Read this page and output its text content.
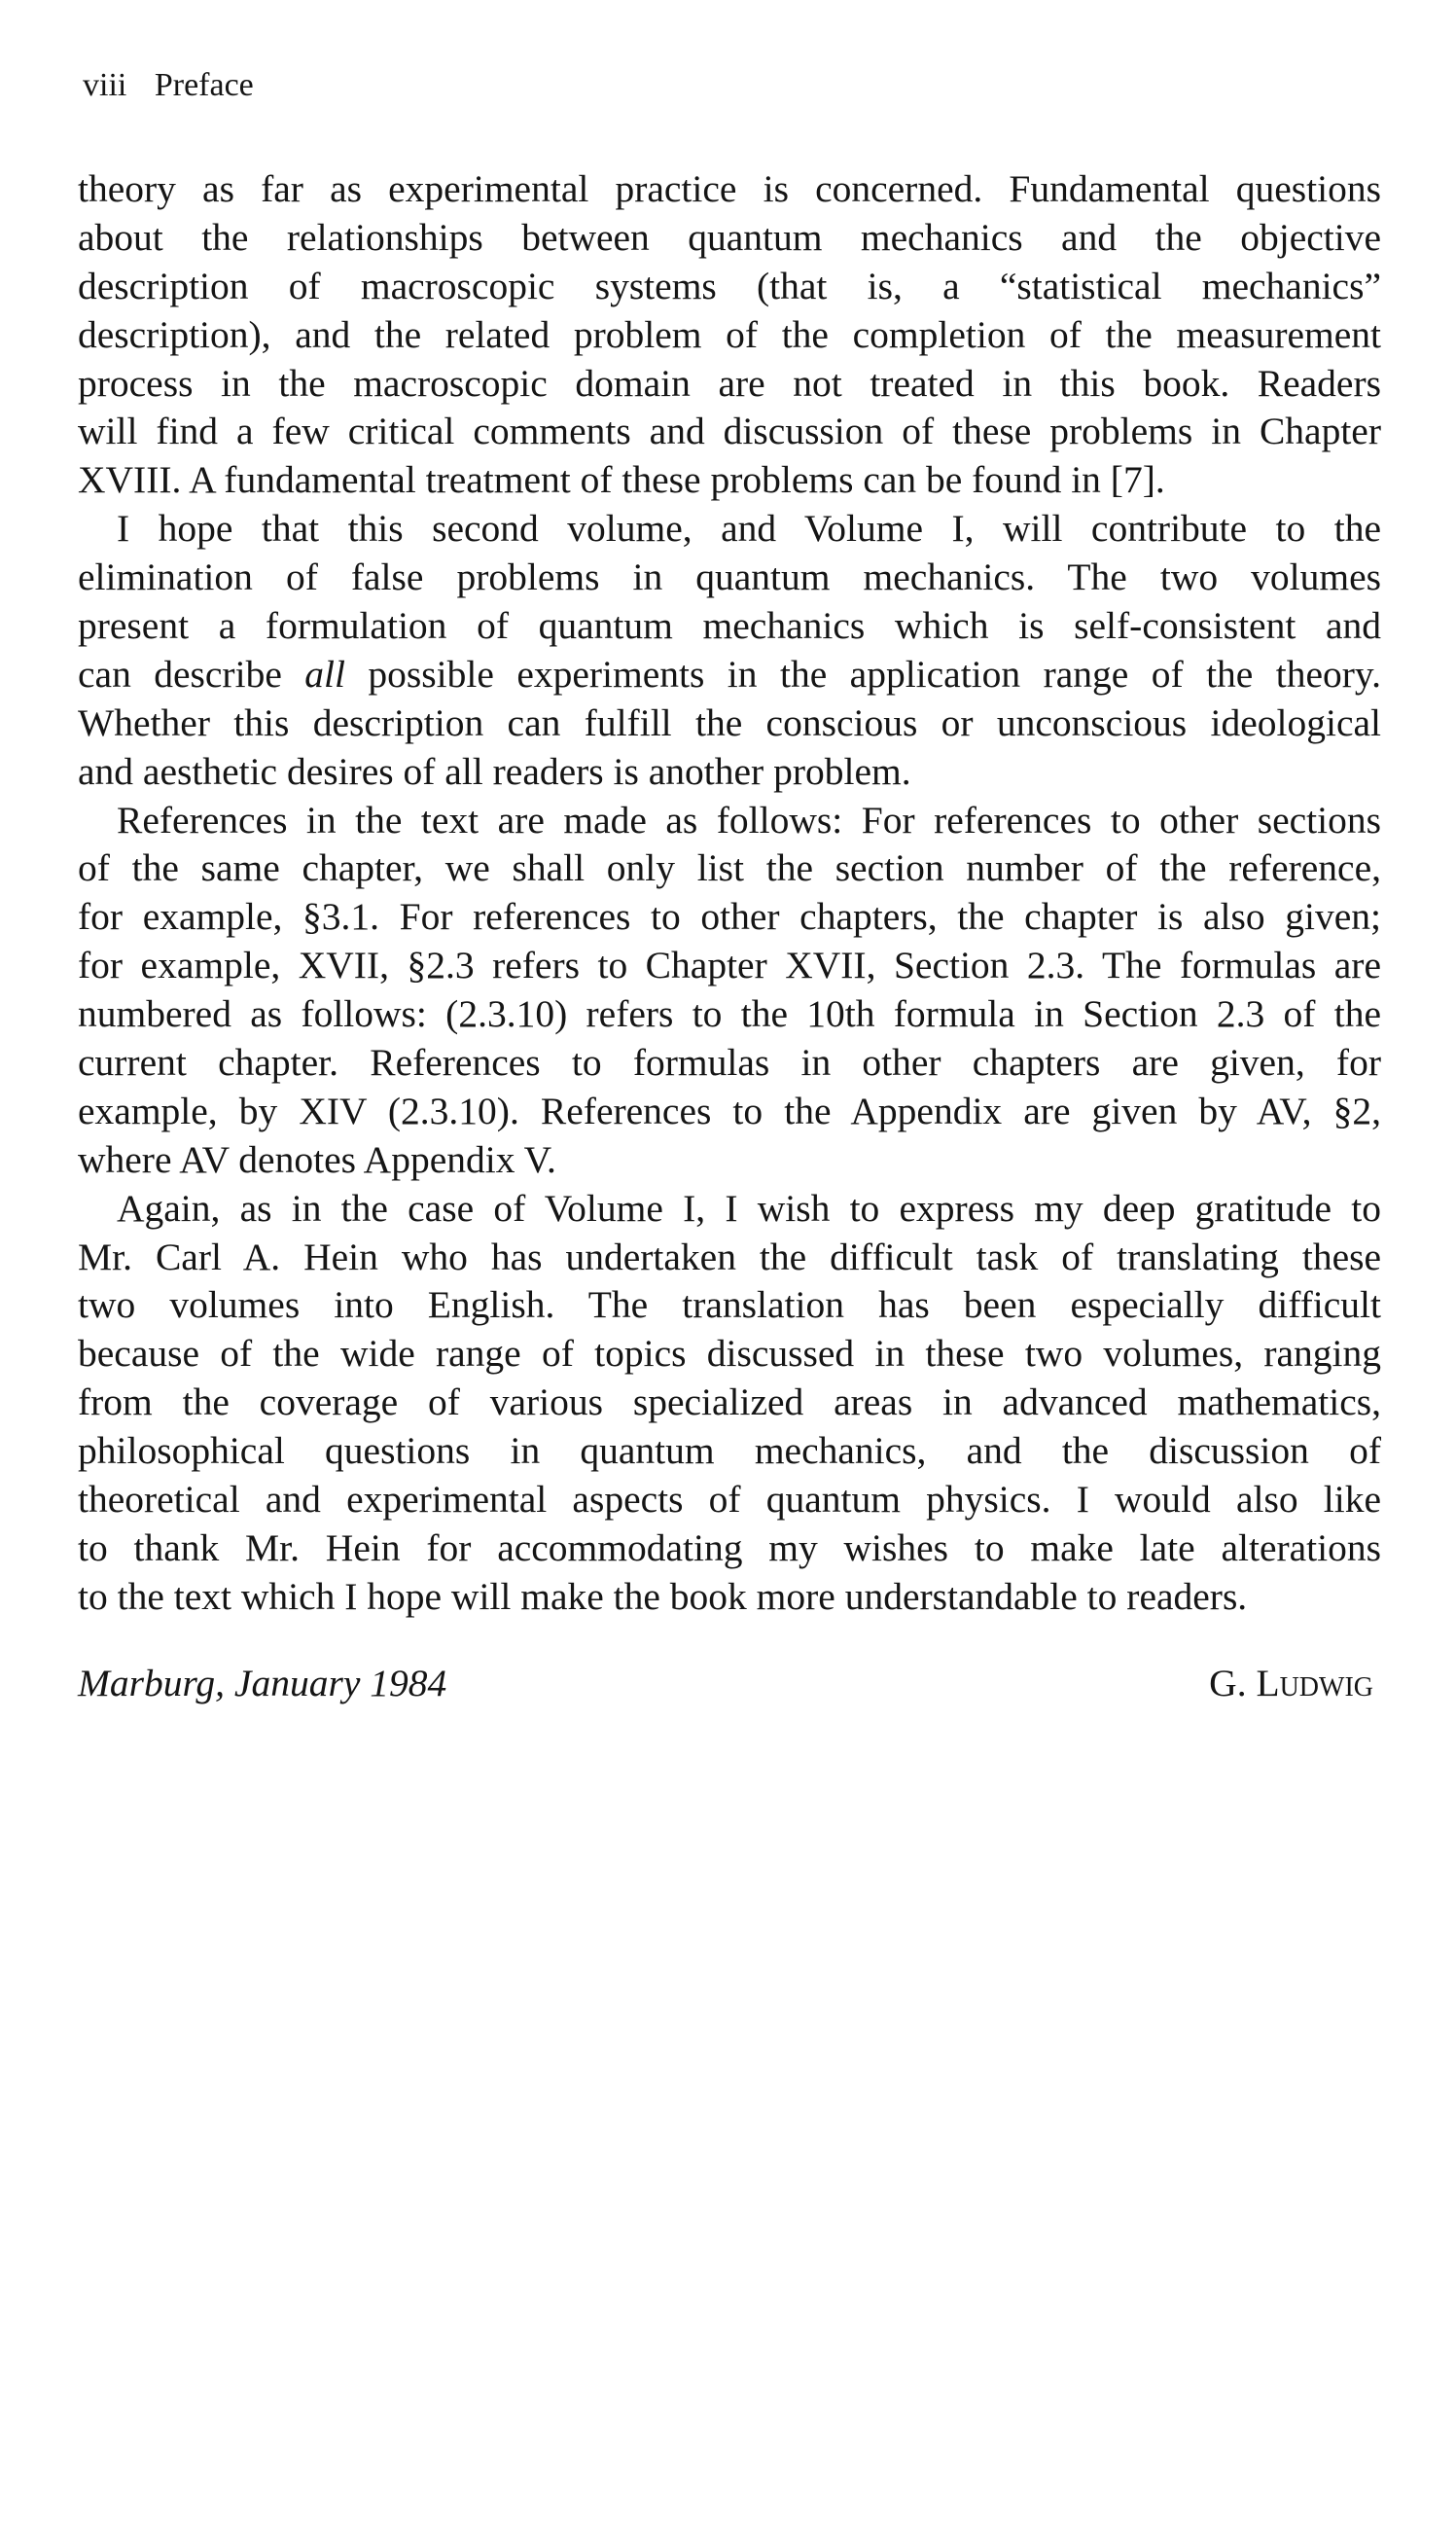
viii Preface
theory as far as experimental practice is concerned. Fundamental questions
about the relationships between quantum mechanics and the objective
description of macroscopic systems (that is, a “statistical mechanics”
description), and the related problem of the completion of the measurement
process in the macroscopic domain are not treated in this book. Readers
will find a few critical comments and discussion of these problems in Chapter
XVIII. A fundamental treatment of these problems can be found in [7].
I hope that this second volume, and Volume I, will contribute to the
elimination of false problems in quantum mechanics. The two volumes
present a formulation of quantum mechanics which is self-consistent and
can describe all possible experiments in the application range of the theory.
Whether this description can fulfill the conscious or unconscious ideological
and aesthetic desires of all readers is another problem.
References in the text are made as follows: For references to other sections
of the same chapter, we shall only list the section number of the reference,
for example, §3.1. For references to other chapters, the chapter is also given;
for example, XVII, §2.3 refers to Chapter XVII, Section 2.3. The formulas are
numbered as follows: (2.3.10) refers to the 10th formula in Section 2.3 of the
current chapter. References to formulas in other chapters are given, for
example, by XIV (2.3.10). References to the Appendix are given by AV, §2,
where AV denotes Appendix V.
Again, as in the case of Volume I, I wish to express my deep gratitude to
Mr. Carl A. Hein who has undertaken the difficult task of translating these
two volumes into English. The translation has been especially difficult
because of the wide range of topics discussed in these two volumes, ranging
from the coverage of various specialized areas in advanced mathematics,
philosophical questions in quantum mechanics, and the discussion of
theoretical and experimental aspects of quantum physics. I would also like
to thank Mr. Hein for accommodating my wishes to make late alterations
to the text which I hope will make the book more understandable to readers.
Marburg, January 1984	G. Ludwig
